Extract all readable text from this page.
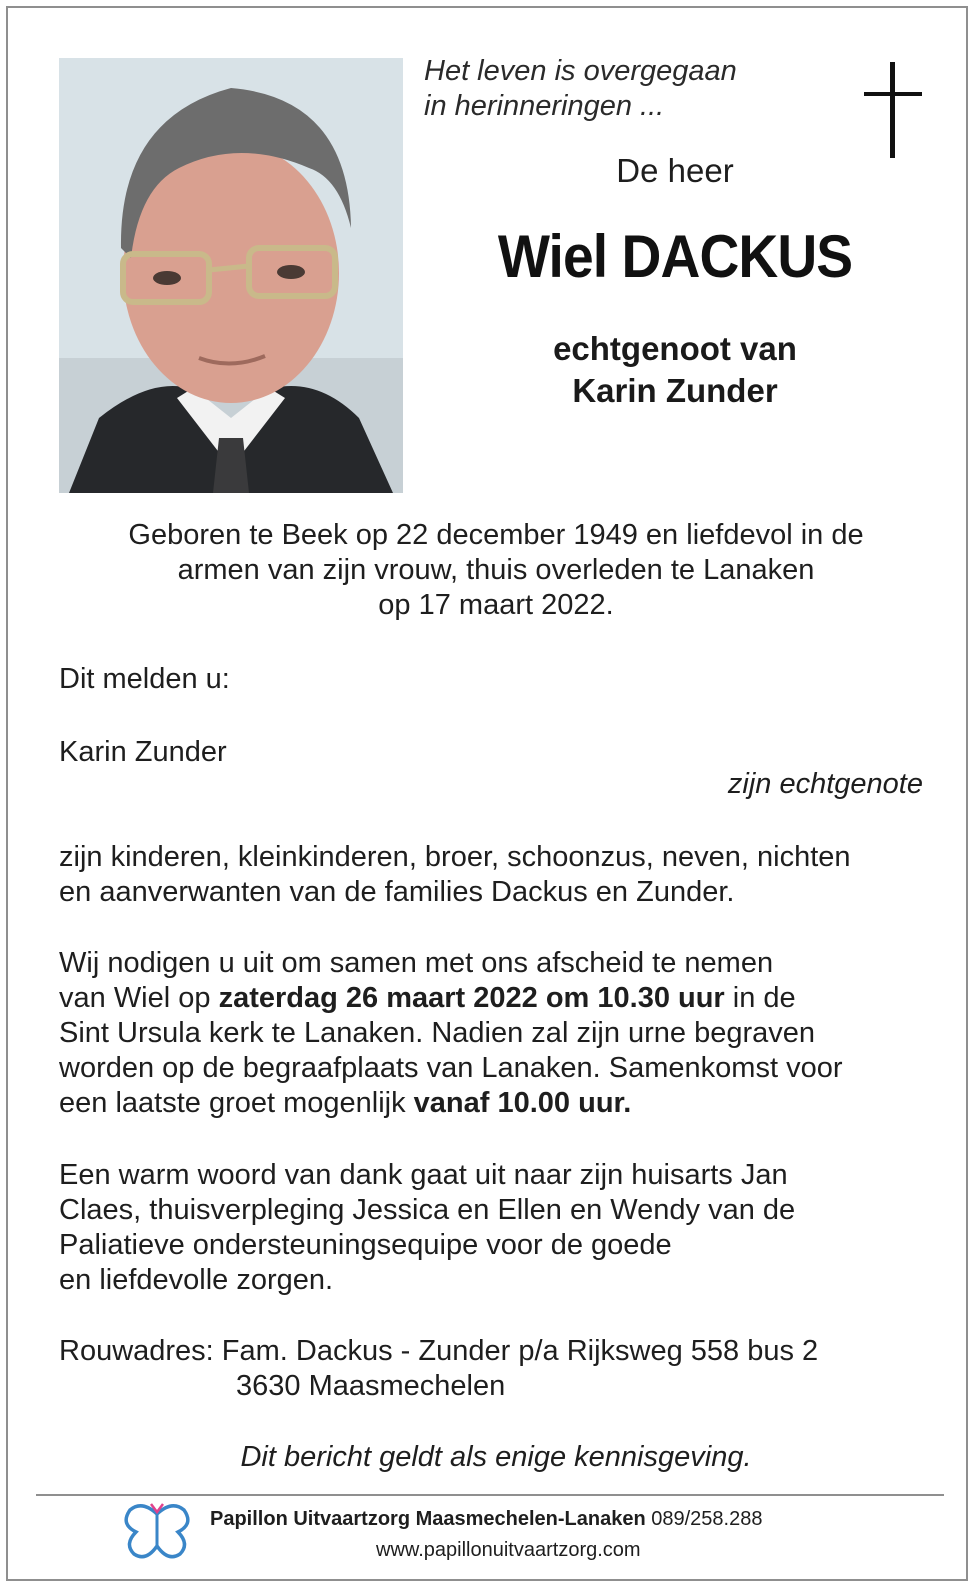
Het leven is overgegaan
in herinneringen ...
De heer
Wiel DACKUS
echtgenoot van
Karin Zunder
Geboren te Beek op 22 december 1949 en liefdevol in de
armen van zijn vrouw, thuis overleden te Lanaken
op 17 maart 2022.
Dit melden u:
Karin Zunder
zijn echtgenote
zijn kinderen, kleinkinderen, broer, schoonzus, neven, nichten
en aanverwanten van de families Dackus en Zunder.
Wij nodigen u uit om samen met ons afscheid te nemen
van Wiel op zaterdag 26 maart 2022 om 10.30 uur in de
Sint Ursula kerk te Lanaken. Nadien zal zijn urne begraven
worden op de begraafplaats van Lanaken. Samenkomst voor
een laatste groet mogenlijk vanaf 10.00 uur.
Een warm woord van dank gaat uit naar zijn huisarts Jan
Claes, thuisverpleging Jessica en Ellen en Wendy van de
Paliatieve ondersteuningsequipe voor de goede
en liefdevolle zorgen.
Rouwadres: Fam. Dackus - Zunder p/a Rijksweg 558 bus 2
3630 Maasmechelen
Dit bericht geldt als enige kennisgeving.
Papillon Uitvaartzorg Maasmechelen-Lanaken 089/258.288
www.papillonuitvaartzorg.com
